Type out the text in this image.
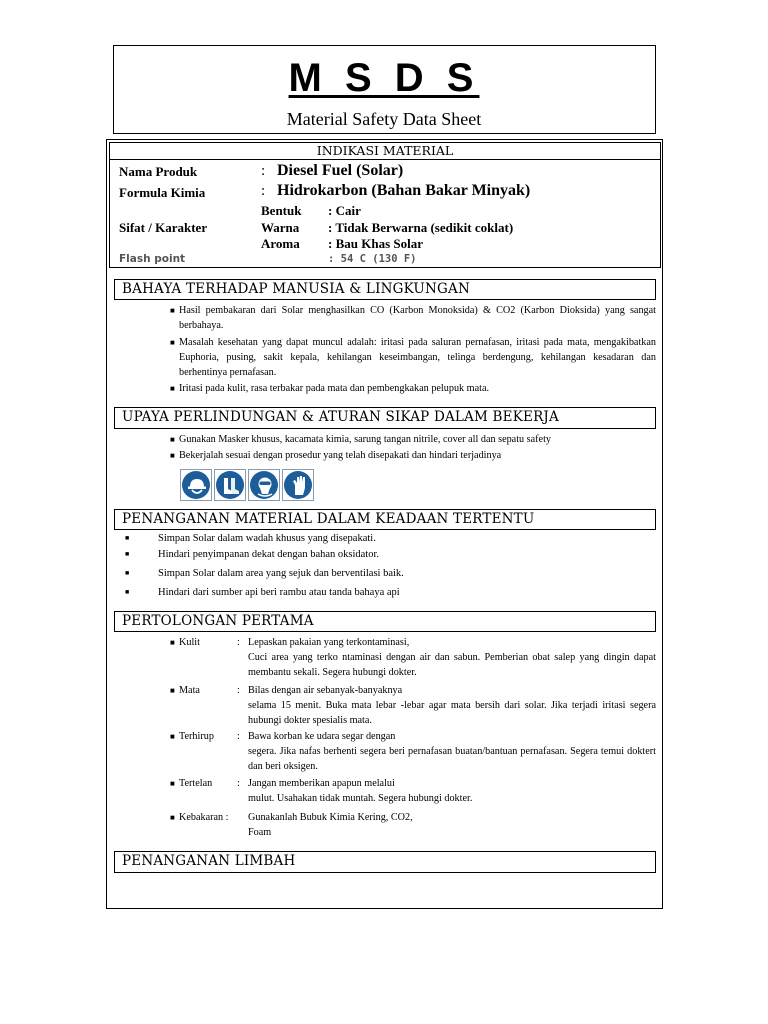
M S D S
Material Safety Data Sheet
INDIKASI MATERIAL
Nama Produk	: Diesel Fuel (Solar)
Formula Kimia	: Hidrokarbon (Bahan Bakar Minyak)
Sifat / Karakter
Bentuk : Cair
Warna : Tidak Berwarna (sedikit coklat)
Aroma : Bau Khas Solar
Flash point	: 54 C (130 F)
BAHAYA TERHADAP MANUSIA & LINGKUNGAN
■ Hasil pembakaran dari Solar menghasilkan CO (Karbon Monoksida) & CO2 (Karbon Dioksida) yang sangat berbahaya.
■ Masalah kesehatan yang dapat muncul adalah: iritasi pada saluran pernafasan, iritasi pada mata, mengakibatkan Euphoria, pusing, sakit kepala, kehilangan keseimbangan, telinga berdengung, kehilangan kesadaran dan berhentinya pernafasan.
■ Iritasi pada kulit, rasa terbakar pada mata dan pembengkakan pelupuk mata.
UPAYA PERLINDUNGAN & ATURAN SIKAP DALAM BEKERJA
■ Gunakan Masker khusus, kacamata kimia, sarung tangan nitrile, cover all dan sepatu safety
■ Bekerjalah sesuai dengan prosedur yang telah disepakati dan hindari terjadinya
PENANGANAN MATERIAL DALAM KEADAAN TERTENTU
■	Simpan Solar dalam wadah khusus yang disepakati.
■	Hindari penyimpanan dekat dengan bahan oksidator.
■	Simpan Solar dalam area yang sejuk dan berventilasi baik.
■	Hindari dari sumber api beri rambu atau tanda bahaya api
PERTOLONGAN PERTAMA
■ Kulit	: Lepaskan pakaian yang terkontaminasi,
Cuci area yang terko ntaminasi dengan air dan sabun. Pemberian obat salep yang dingin dapat membantu sekali. Segera hubungi dokter.
■ Mata	: Bilas dengan air sebanyak-banyaknya
selama 15 menit. Buka mata lebar -lebar agar mata bersih dari solar. Jika terjadi iritasi segera hubungi dokter spesialis mata.
■ Terhirup : Bawa korban ke udara segar dengan
segera. Jika nafas berhenti segera beri pernafasan buatan/bantuan pernafasan. Segera temui doktert dan beri oksigen.
■ Tertelan : Jangan memberikan apapun melalui
mulut. Usahakan tidak muntah. Segera hubungi dokter.
■ Kebakaran : Gunakanlah Bubuk Kimia Kering, CO2,
Foam
PENANGANAN LIMBAH
